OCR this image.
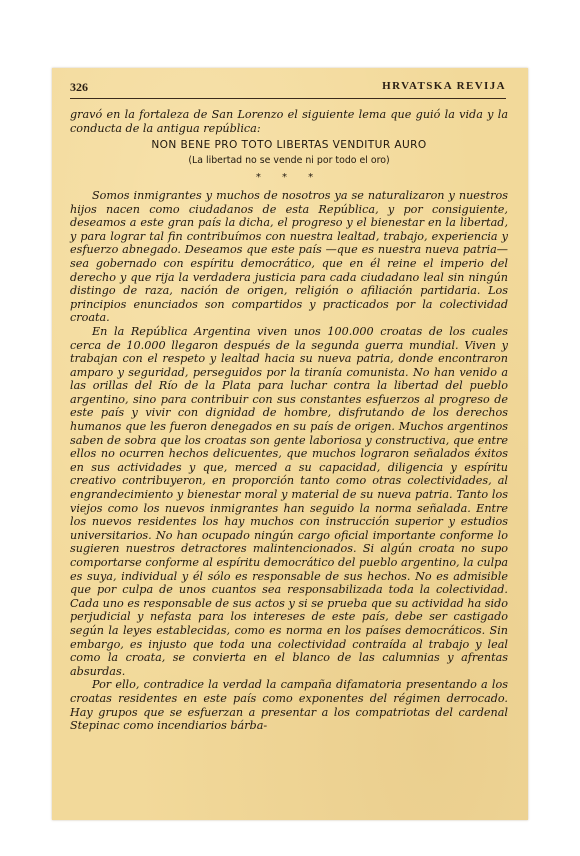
326	HRVATSKA REVIJA

gravó en la fortaleza de San Lorenzo el siguiente lema que guió la vida y la conducta de la antigua república:

NON BENE PRO TOTO LIBERTAS VENDITUR AURO
(La libertad no se vende ni por todo el oro)
* * *

Somos inmigrantes y muchos de nosotros ya se naturalizaron y nuestros hijos nacen como ciudadanos de esta República, y por consiguiente, deseamos a este gran país la dicha, el progreso y el bienestar en la libertad, y para lograr tal fin contribuímos con nuestra lealtad, trabajo, experiencia y esfuerzo abnegado. Deseamos que este país —que es nuestra nueva patria— sea gobernado con espíritu democrático, que en él reine el imperio del derecho y que rija la verdadera justicia para cada ciudadano leal sin ningún distingo de raza, nación de origen, religión o afiliación partidaria. Los principios enunciados son compartidos y practicados por la colectividad croata.

En la República Argentina viven unos 100.000 croatas de los cuales cerca de 10.000 llegaron después de la segunda guerra mundial. Viven y trabajan con el respeto y lealtad hacia su nueva patria, donde encontraron amparo y seguridad, perseguidos por la tiranía comunista. No han venido a las orillas del Río de la Plata para luchar contra la libertad del pueblo argentino, sino para contribuir con sus constantes esfuerzos al progreso de este país y vivir con dignidad de hombre, disfrutando de los derechos humanos que les fueron denegados en su país de origen. Muchos argentinos saben de sobra que los croatas son gente laboriosa y constructiva, que entre ellos no ocurren hechos delicuentes, que muchos lograron señalados éxitos en sus actividades y que, merced a su capacidad, diligencia y espíritu creativo contribuyeron, en proporción tanto como otras colectividades, al engrandecimiento y bienestar moral y material de su nueva patria. Tanto los viejos como los nuevos inmigrantes han seguido la norma señalada. Entre los nuevos residentes los hay muchos con instrucción superior y estudios universitarios. No han ocupado ningún cargo oficial importante conforme lo sugieren nuestros detractores malintencionados. Si algún croata no supo comportarse conforme al espíritu democrático del pueblo argentino, la culpa es suya, individual y él sólo es responsable de sus hechos. No es admisible que por culpa de unos cuantos sea responsabilizada toda la colectividad. Cada uno es responsable de sus actos y si se prueba que su actividad ha sido perjudicial y nefasta para los intereses de este país, debe ser castigado según la leyes establecidas, como es norma en los países democráticos. Sin embargo, es injusto que toda una colectividad contraída al trabajo y leal como la croata, se convierta en el blanco de las calumnias y afrentas absurdas.

Por ello, contradice la verdad la campaña difamatoria presentando a los croatas residentes en este país como exponentes del régimen derrocado. Hay grupos que se esfuerzan a presentar a los compatriotas del cardenal Stepinac como incendiarios bárba-
